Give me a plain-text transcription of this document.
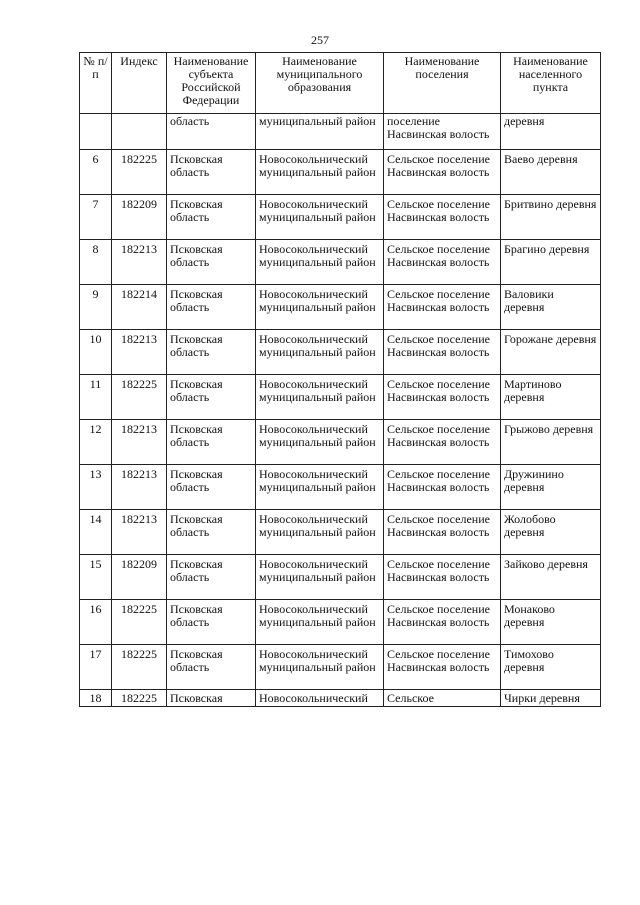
257
№ п/п	Индекс	Наименование субъекта Российской Федерации	Наименование муниципального образования	Наименование поселения	Наименование населенного пункта
		область	муниципальный район	поселение Насвинская волость	деревня
6	182225	Псковская область	Новосокольнический муниципальный район	Сельское поселение Насвинская волость	Ваево деревня
7	182209	Псковская область	Новосокольнический муниципальный район	Сельское поселение Насвинская волость	Бритвино деревня
8	182213	Псковская область	Новосокольнический муниципальный район	Сельское поселение Насвинская волость	Брагино деревня
9	182214	Псковская область	Новосокольнический муниципальный район	Сельское поселение Насвинская волость	Валовики деревня
10	182213	Псковская область	Новосокольнический муниципальный район	Сельское поселение Насвинская волость	Горожане деревня
11	182225	Псковская область	Новосокольнический муниципальный район	Сельское поселение Насвинская волость	Мартиново деревня
12	182213	Псковская область	Новосокольнический муниципальный район	Сельское поселение Насвинская волость	Грыжово деревня
13	182213	Псковская область	Новосокольнический муниципальный район	Сельское поселение Насвинская волость	Дружинино деревня
14	182213	Псковская область	Новосокольнический муниципальный район	Сельское поселение Насвинская волость	Жолобово деревня
15	182209	Псковская область	Новосокольнический муниципальный район	Сельское поселение Насвинская волость	Зайково деревня
16	182225	Псковская область	Новосокольнический муниципальный район	Сельское поселение Насвинская волость	Монаково деревня
17	182225	Псковская область	Новосокольнический муниципальный район	Сельское поселение Насвинская волость	Тимохово деревня
18	182225	Псковская	Новосокольнический	Сельское	Чирки деревня
